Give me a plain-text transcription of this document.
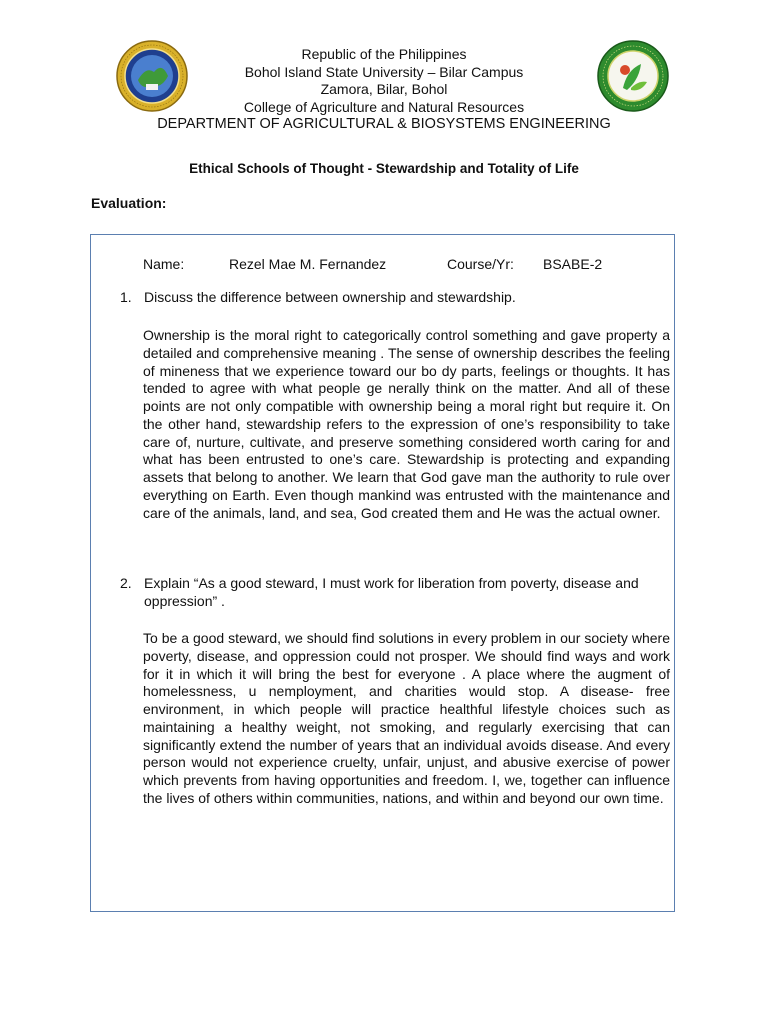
Republic of the Philippines
Bohol Island State University – Bilar Campus
Zamora, Bilar, Bohol
College of Agriculture and Natural Resources
DEPARTMENT OF AGRICULTURAL & BIOSYSTEMS ENGINEERING
Ethical Schools of Thought - Stewardship and Totality of Life
Evaluation:
Name:	Rezel Mae M. Fernandez	Course/Yr: BSABE-2
1. Discuss the difference between ownership and stewardship.
Ownership is the moral right to categorically control something and gave property a detailed and comprehensive meaning . The sense of ownership describes the feeling of mineness that we experience toward our bo dy parts, feelings or thoughts. It has tended to agree with what people ge nerally think on the matter. And all of these points are not only compatible with ownership being a moral right but require it. On the other hand, stewardship refers to the expression of one’s responsibility to take care of, nurture, cultivate, and preserve something considered worth caring for and what has been entrusted to one’s care. Stewardship is protecting and expanding assets that belong to another. We learn that God gave man the authority to rule over everything on Earth. Even though mankind was entrusted with the maintenance and care of the animals, land, and sea, God created them and He was the actual owner.
2. Explain “As a good steward, I must work for liberation from poverty, disease and oppression” .
To be a good steward, we should find solutions in every problem in our society where poverty, disease, and oppression could not prosper. We should find ways and work for it in which it will bring the best for everyone . A place where the augment of homelessness, u nemployment, and charities would stop. A disease- free environment, in which people will practice healthful lifestyle choices such as maintaining a healthy weight, not smoking, and regularly exercising that can significantly extend the number of years that an individual avoids disease. And every person would not experience cruelty, unfair, unjust, and abusive exercise of power which prevents from having opportunities and freedom. I, we, together can influence the lives of others within communities, nations, and within and beyond our own time.
